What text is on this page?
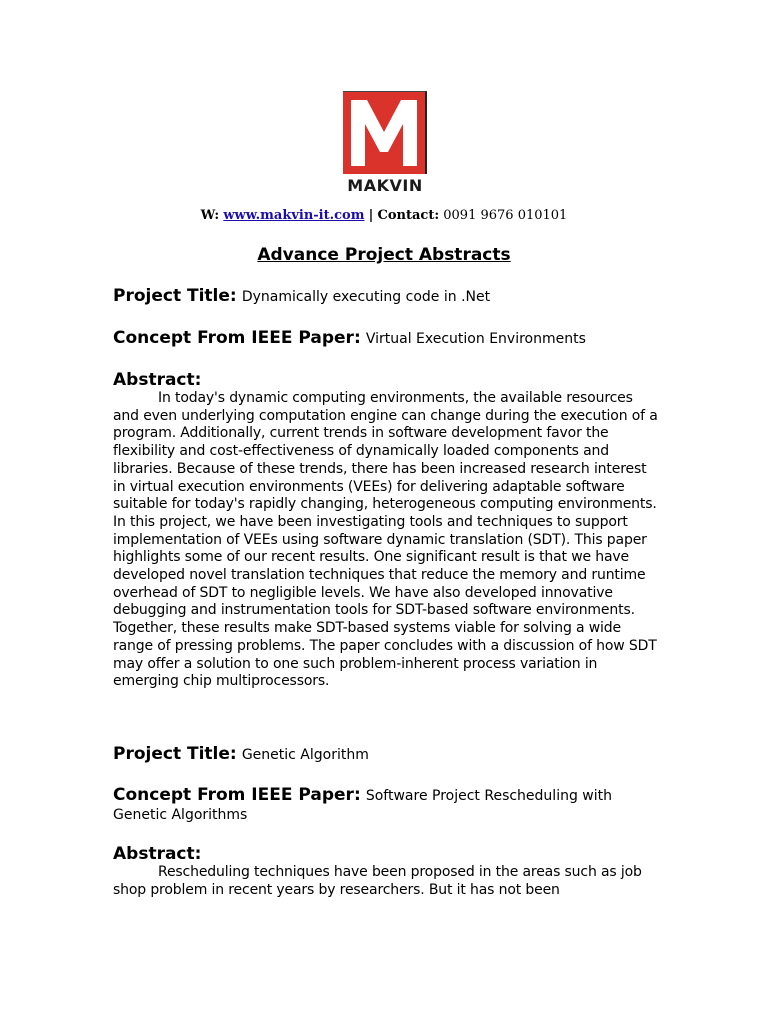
MAKVIN
W: www.makvin-it.com | Contact: 0091 9676 010101
Advance Project Abstracts
Project Title: Dynamically executing code in .Net
Concept From IEEE Paper: Virtual Execution Environments
Abstract:

In today's dynamic computing environments, the available resources and even underlying computation engine can change during the execution of a program. Additionally, current trends in software development favor the flexibility and cost-effectiveness of dynamically loaded components and libraries. Because of these trends, there has been increased research interest in virtual execution environments (VEEs) for delivering adaptable software suitable for today's rapidly changing, heterogeneous computing environments. In this project, we have been investigating tools and techniques to support implementation of VEEs using software dynamic translation (SDT). This paper highlights some of our recent results. One significant result is that we have developed novel translation techniques that reduce the memory and runtime overhead of SDT to negligible levels. We have also developed innovative debugging and instrumentation tools for SDT-based software environments. Together, these results make SDT-based systems viable for solving a wide range of pressing problems. The paper concludes with a discussion of how SDT may offer a solution to one such problem-inherent process variation in emerging chip multiprocessors.

Project Title: Genetic Algorithm
Concept From IEEE Paper: Software Project Rescheduling with Genetic Algorithms
Abstract:

Rescheduling techniques have been proposed in the areas such as job shop problem in recent years by researchers. But it has not been
